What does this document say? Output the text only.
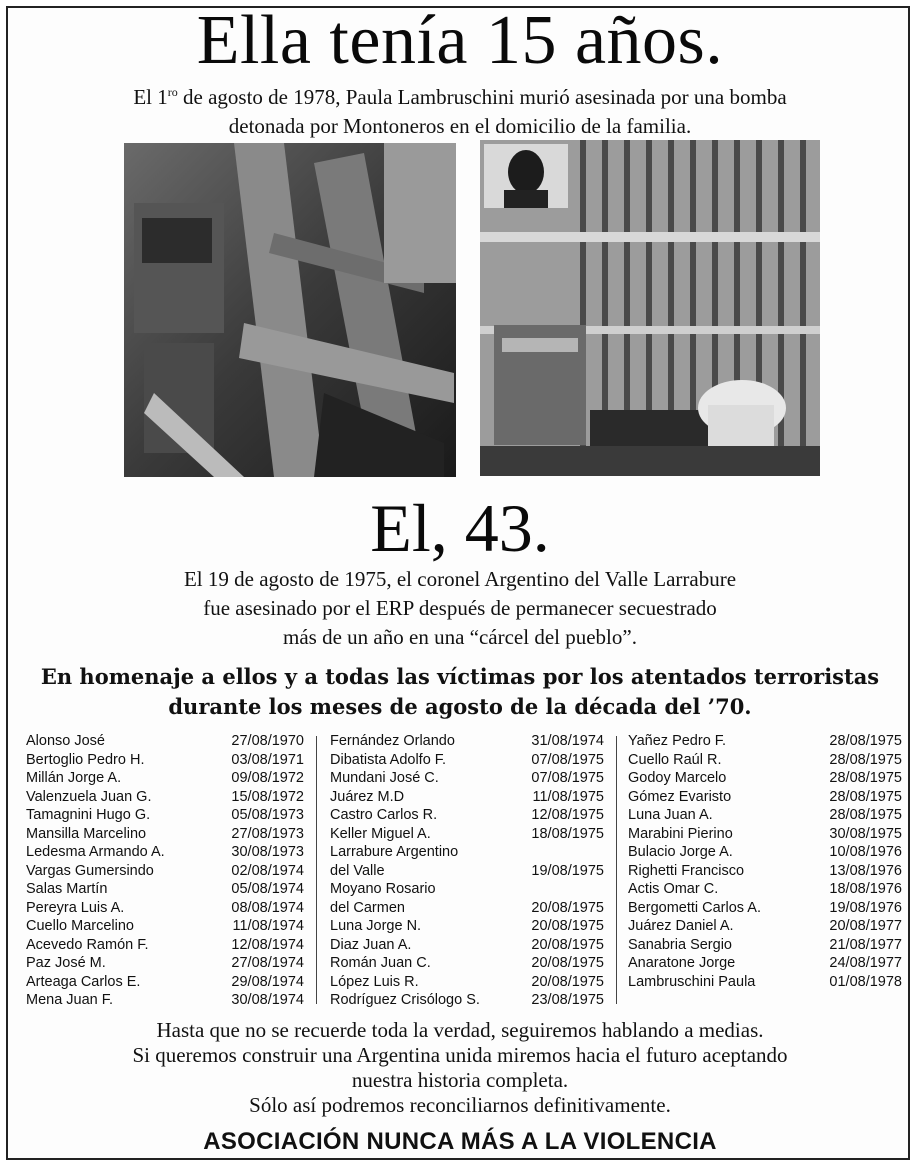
Ella tenía 15 años.
El $1^{ro}$ de agosto de 1978, Paula Lambruschini murió asesinada por una bomba
detonada por Montoneros en el domicilio de la familia.
El, 43.
El 19 de agosto de 1975, el coronel Argentino del Valle Larrabure
fue asesinado por el ERP después de permanecer secuestrado
más de un año en una “cárcel del pueblo”.
En homenaje a ellos y a todas las víctimas por los atentados terroristas
durante los meses de agosto de la década del ’70.
Alonso José	27/08/1970
Bertoglio Pedro H.	03/08/1971
Millán Jorge A.	09/08/1972
Valenzuela Juan G.	15/08/1972
Tamagnini Hugo G.	05/08/1973
Mansilla Marcelino	27/08/1973
Ledesma Armando A.	30/08/1973
Vargas Gumersindo	02/08/1974
Salas Martín	05/08/1974
Pereyra Luis A.	08/08/1974
Cuello Marcelino	11/08/1974
Acevedo Ramón F.	12/08/1974
Paz José M.	27/08/1974
Arteaga Carlos E.	29/08/1974
Mena Juan F.	30/08/1974
Fernández Orlando	31/08/1974
Dibatista Adolfo F.	07/08/1975
Mundani José C.	07/08/1975
Juárez M.D	11/08/1975
Castro Carlos R.	12/08/1975
Keller Miguel A.	18/08/1975
Larrabure Argentino
del Valle	19/08/1975
Moyano Rosario
del Carmen	20/08/1975
Luna Jorge N.	20/08/1975
Diaz Juan A.	20/08/1975
Román Juan C.	20/08/1975
López Luis R.	20/08/1975
Rodríguez Crisólogo S.	23/08/1975
Yañez Pedro F.	28/08/1975
Cuello Raúl R.	28/08/1975
Godoy Marcelo	28/08/1975
Gómez Evaristo	28/08/1975
Luna Juan A.	28/08/1975
Marabini Pierino	30/08/1975
Bulacio Jorge A.	10/08/1976
Righetti Francisco	13/08/1976
Actis Omar C.	18/08/1976
Bergometti Carlos A.	19/08/1976
Juárez Daniel A.	20/08/1977
Sanabria Sergio	21/08/1977
Anaratone Jorge	24/08/1977
Lambruschini Paula	01/08/1978
Hasta que no se recuerde toda la verdad, seguiremos hablando a medias.
Si queremos construir una Argentina unida miremos hacia el futuro aceptando
nuestra historia completa.
Sólo así podremos reconciliarnos definitivamente.
ASOCIACIÓN NUNCA MÁS A LA VIOLENCIA
